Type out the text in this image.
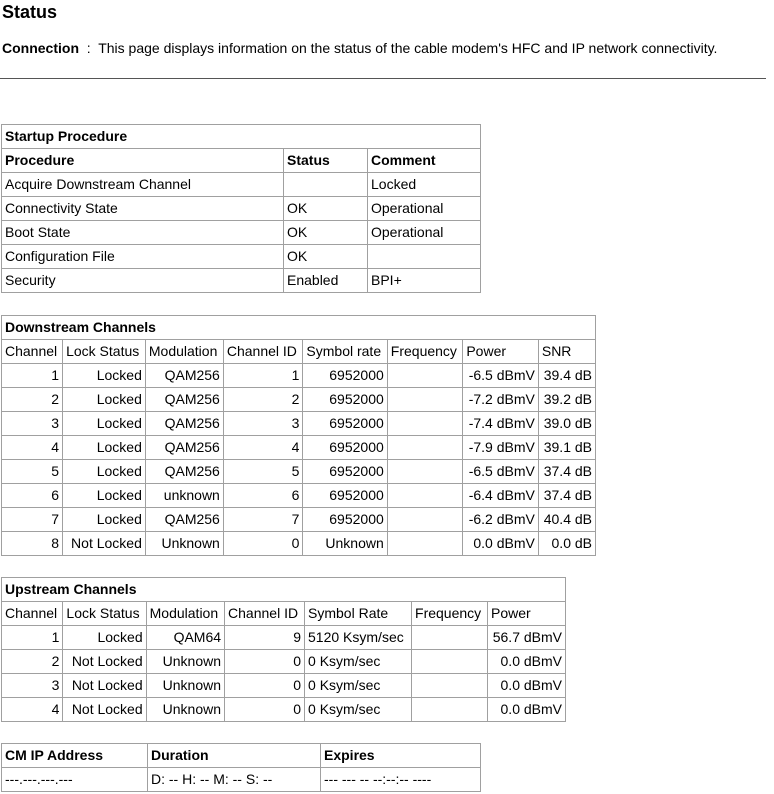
Status
Connection : This page displays information on the status of the cable modem's HFC and IP network connectivity.
Startup Procedure		
Procedure	Status	Comment
Acquire Downstream Channel		Locked
Connectivity State	OK	Operational
Boot State	OK	Operational
Configuration File	OK	
Security	Enabled	BPI+
Downstream Channels							
Channel	Lock Status	Modulation	Channel ID	Symbol rate	Frequency	Power	SNR
1	Locked	QAM256	1	6952000		-6.5 dBmV	39.4 dB
2	Locked	QAM256	2	6952000		-7.2 dBmV	39.2 dB
3	Locked	QAM256	3	6952000		-7.4 dBmV	39.0 dB
4	Locked	QAM256	4	6952000		-7.9 dBmV	39.1 dB
5	Locked	QAM256	5	6952000		-6.5 dBmV	37.4 dB
6	Locked	unknown	6	6952000		-6.4 dBmV	37.4 dB
7	Locked	QAM256	7	6952000		-6.2 dBmV	40.4 dB
8	Not Locked	Unknown	0	Unknown		0.0 dBmV	0.0 dB
Upstream Channels						
Channel	Lock Status	Modulation	Channel ID	Symbol Rate	Frequency	Power
1	Locked	QAM64	9	5120 Ksym/sec		56.7 dBmV
2	Not Locked	Unknown	0	0 Ksym/sec		0.0 dBmV
3	Not Locked	Unknown	0	0 Ksym/sec		0.0 dBmV
4	Not Locked	Unknown	0	0 Ksym/sec		0.0 dBmV
CM IP Address	Duration	Expires
---.---.---.---	D: -- H: -- M: -- S: --	--- --- -- --:--:-- ----
